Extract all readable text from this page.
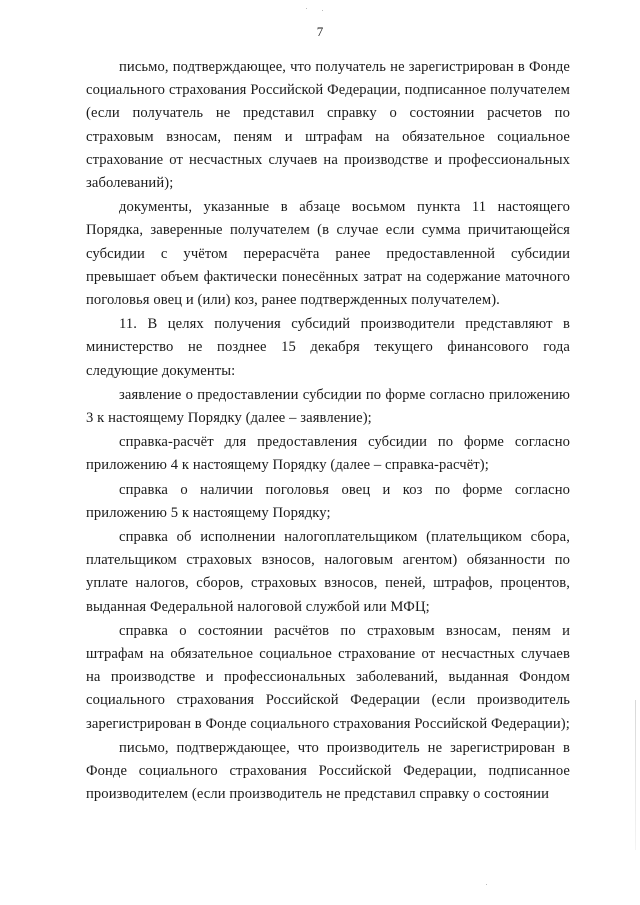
7

письмо, подтверждающее, что получатель не зарегистрирован в Фонде социального страхования Российской Федерации, подписанное получателем (если получатель не представил справку о состоянии расчетов по страховым взносам, пеням и штрафам на обязательное социальное страхование от несчастных случаев на производстве и профессиональных заболеваний);

документы, указанные в абзаце восьмом пункта 11 настоящего Порядка, заверенные получателем (в случае если сумма причитающейся субсидии с учётом перерасчёта ранее предоставленной субсидии превышает объем фактически понесённых затрат на содержание маточного поголовья овец и (или) коз, ранее подтвержденных получателем).

11. В целях получения субсидий производители представляют в министерство не позднее 15 декабря текущего финансового года следующие документы:

заявление о предоставлении субсидии по форме согласно приложению 3 к настоящему Порядку (далее – заявление);

справка-расчёт для предоставления субсидии по форме согласно приложению 4 к настоящему Порядку (далее – справка-расчёт);

справка о наличии поголовья овец и коз по форме согласно приложению 5 к настоящему Порядку;

справка об исполнении налогоплательщиком (плательщиком сбора, плательщиком страховых взносов, налоговым агентом) обязанности по уплате налогов, сборов, страховых взносов, пеней, штрафов, процентов, выданная Федеральной налоговой службой или МФЦ;

справка о состоянии расчётов по страховым взносам, пеням и штрафам на обязательное социальное страхование от несчастных случаев на производстве и профессиональных заболеваний, выданная Фондом социального страхования Российской Федерации (если производитель зарегистрирован в Фонде социального страхования Российской Федерации);

письмо, подтверждающее, что производитель не зарегистрирован в Фонде социального страхования Российской Федерации, подписанное производителем (если производитель не представил справку о состоянии
